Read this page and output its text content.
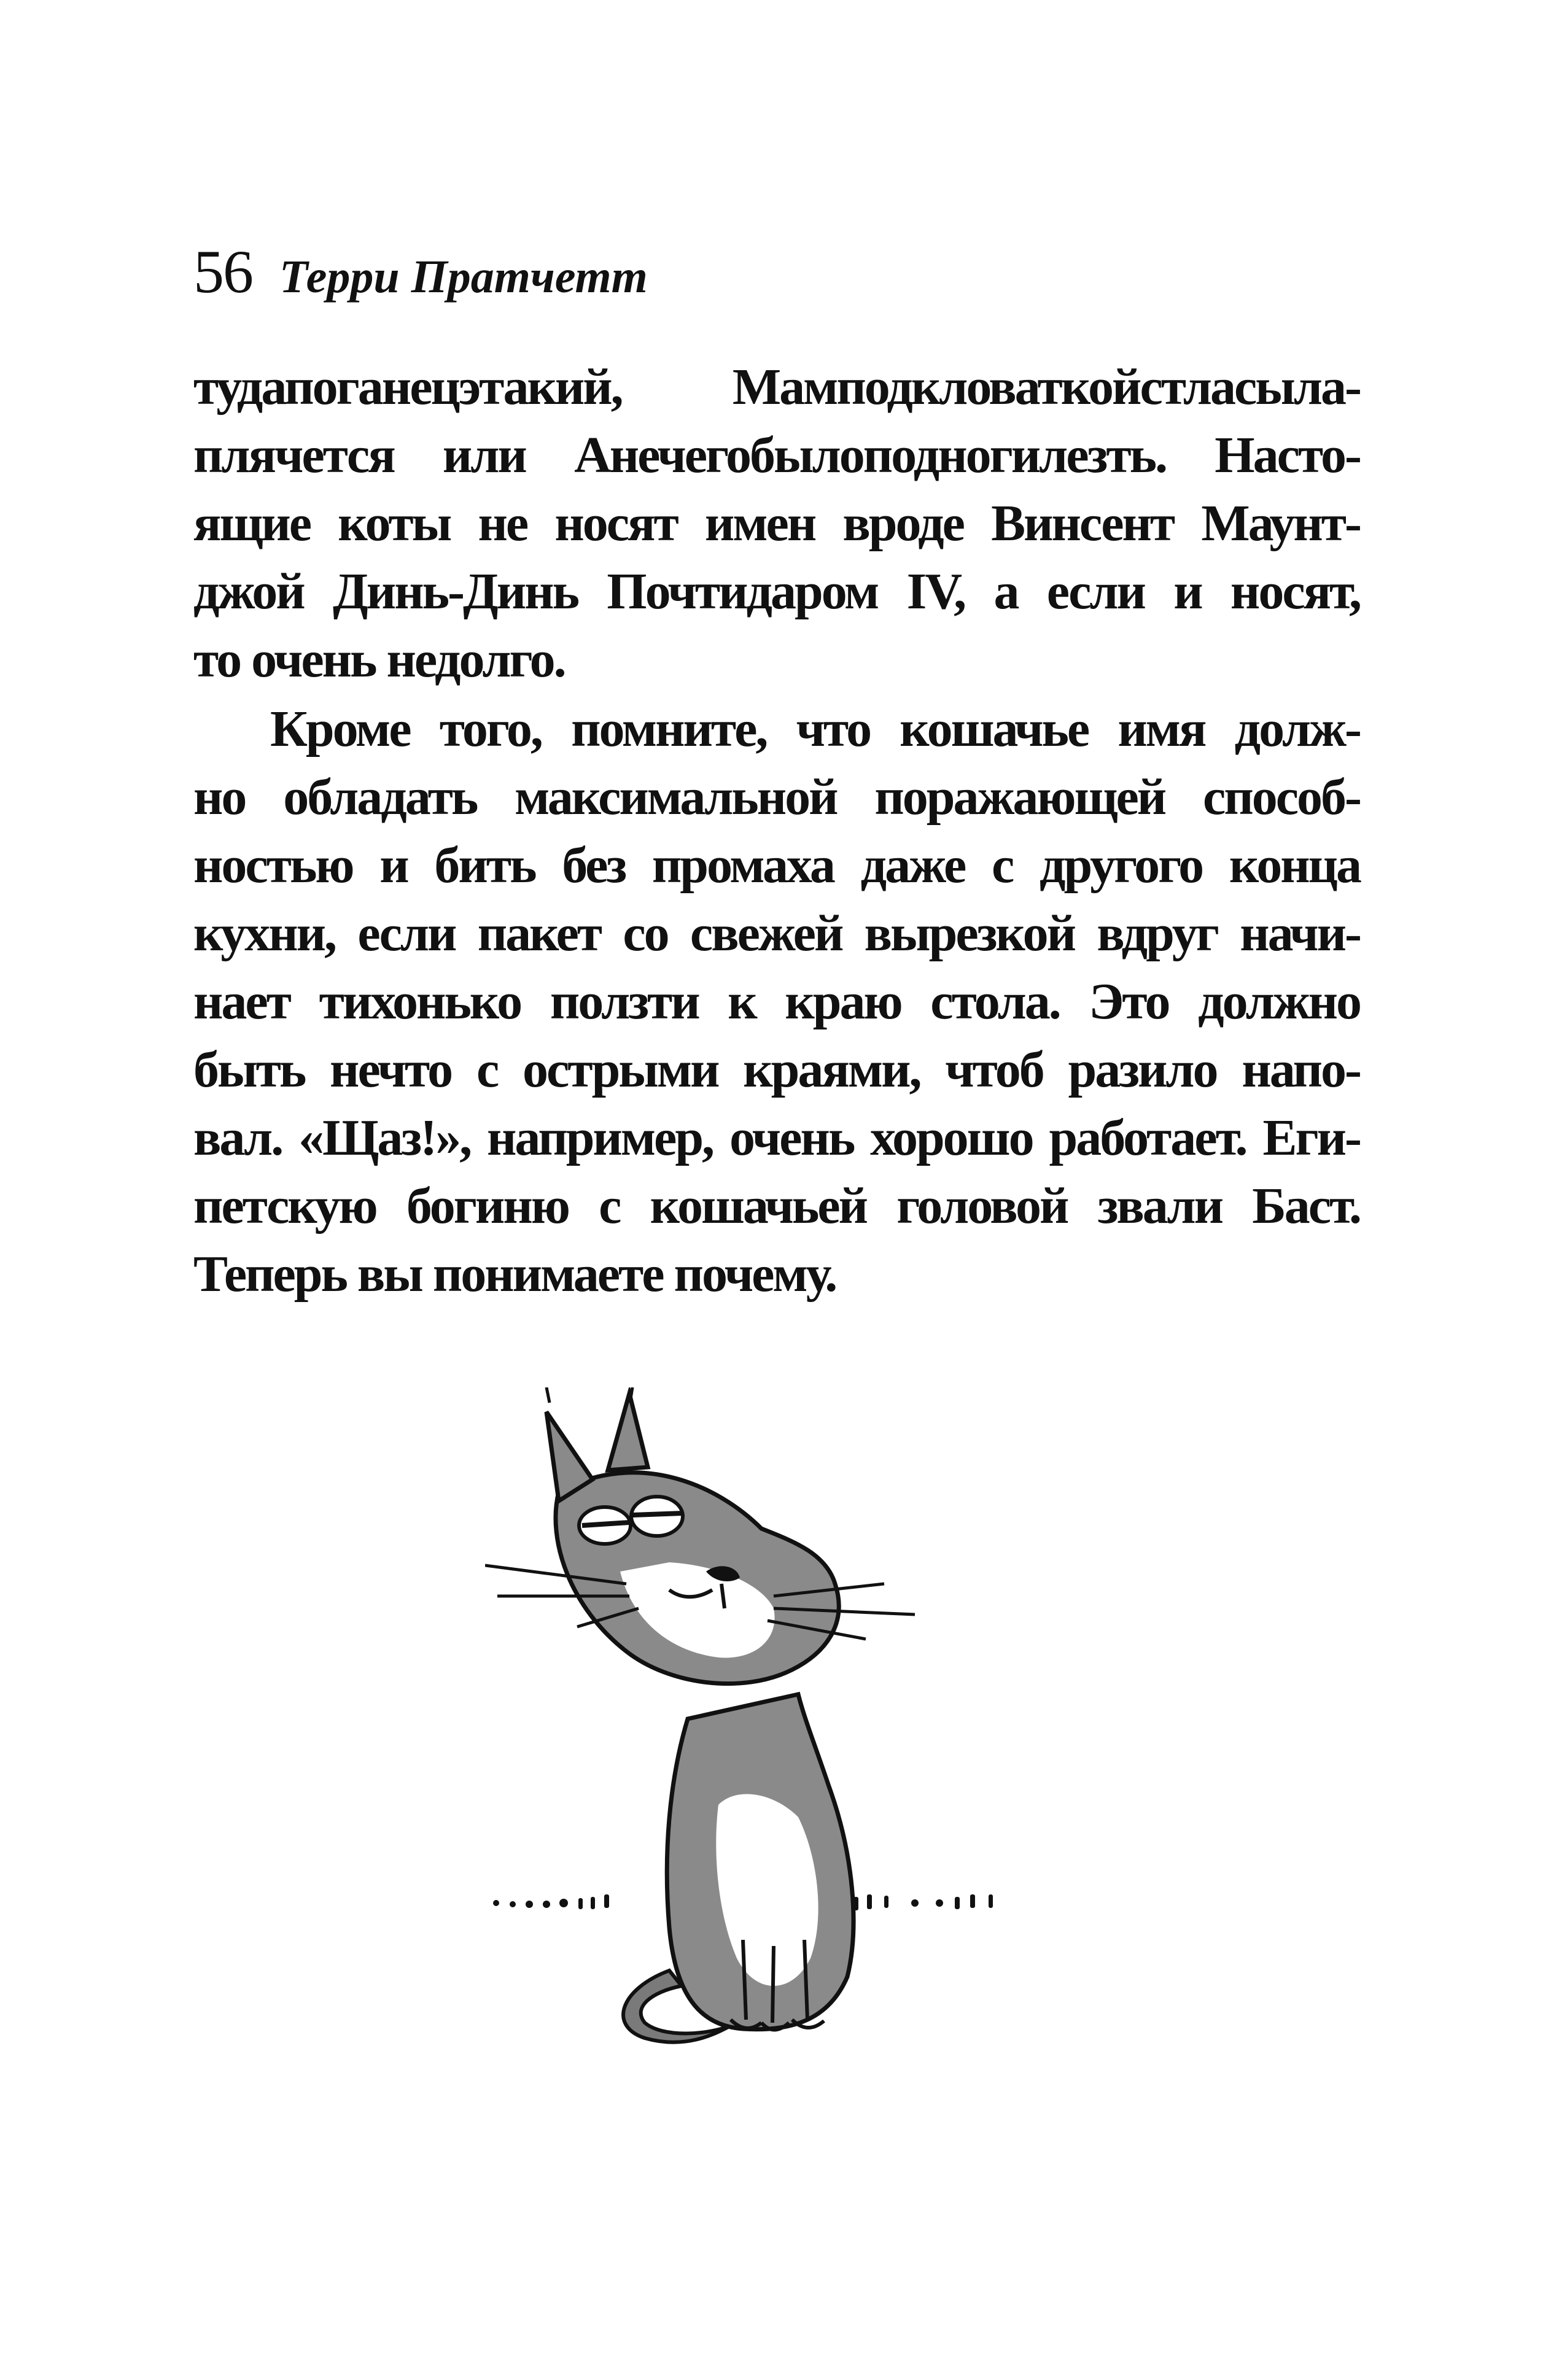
56 Терри Пратчетт
тудапоганецэтакий, Мамподкловаткойстласыла-
плячется или Анечегобылоподногилезть. Насто-
ящие коты не носят имен вроде Винсент Маунт-
джой Динь-Динь Почтидаром IV, а если и носят,
то очень недолго.
Кроме того, помните, что кошачье имя долж-
но обладать максимальной поражающей способ-
ностью и бить без промаха даже с другого конца
кухни, если пакет со свежей вырезкой вдруг начи-
нает тихонько ползти к краю стола. Это должно
быть нечто с острыми краями, чтоб разило напо-
вал. «Щаз!», например, очень хорошо работает. Еги-
петскую богиню с кошачьей головой звали Баст.
Теперь вы понимаете почему.
